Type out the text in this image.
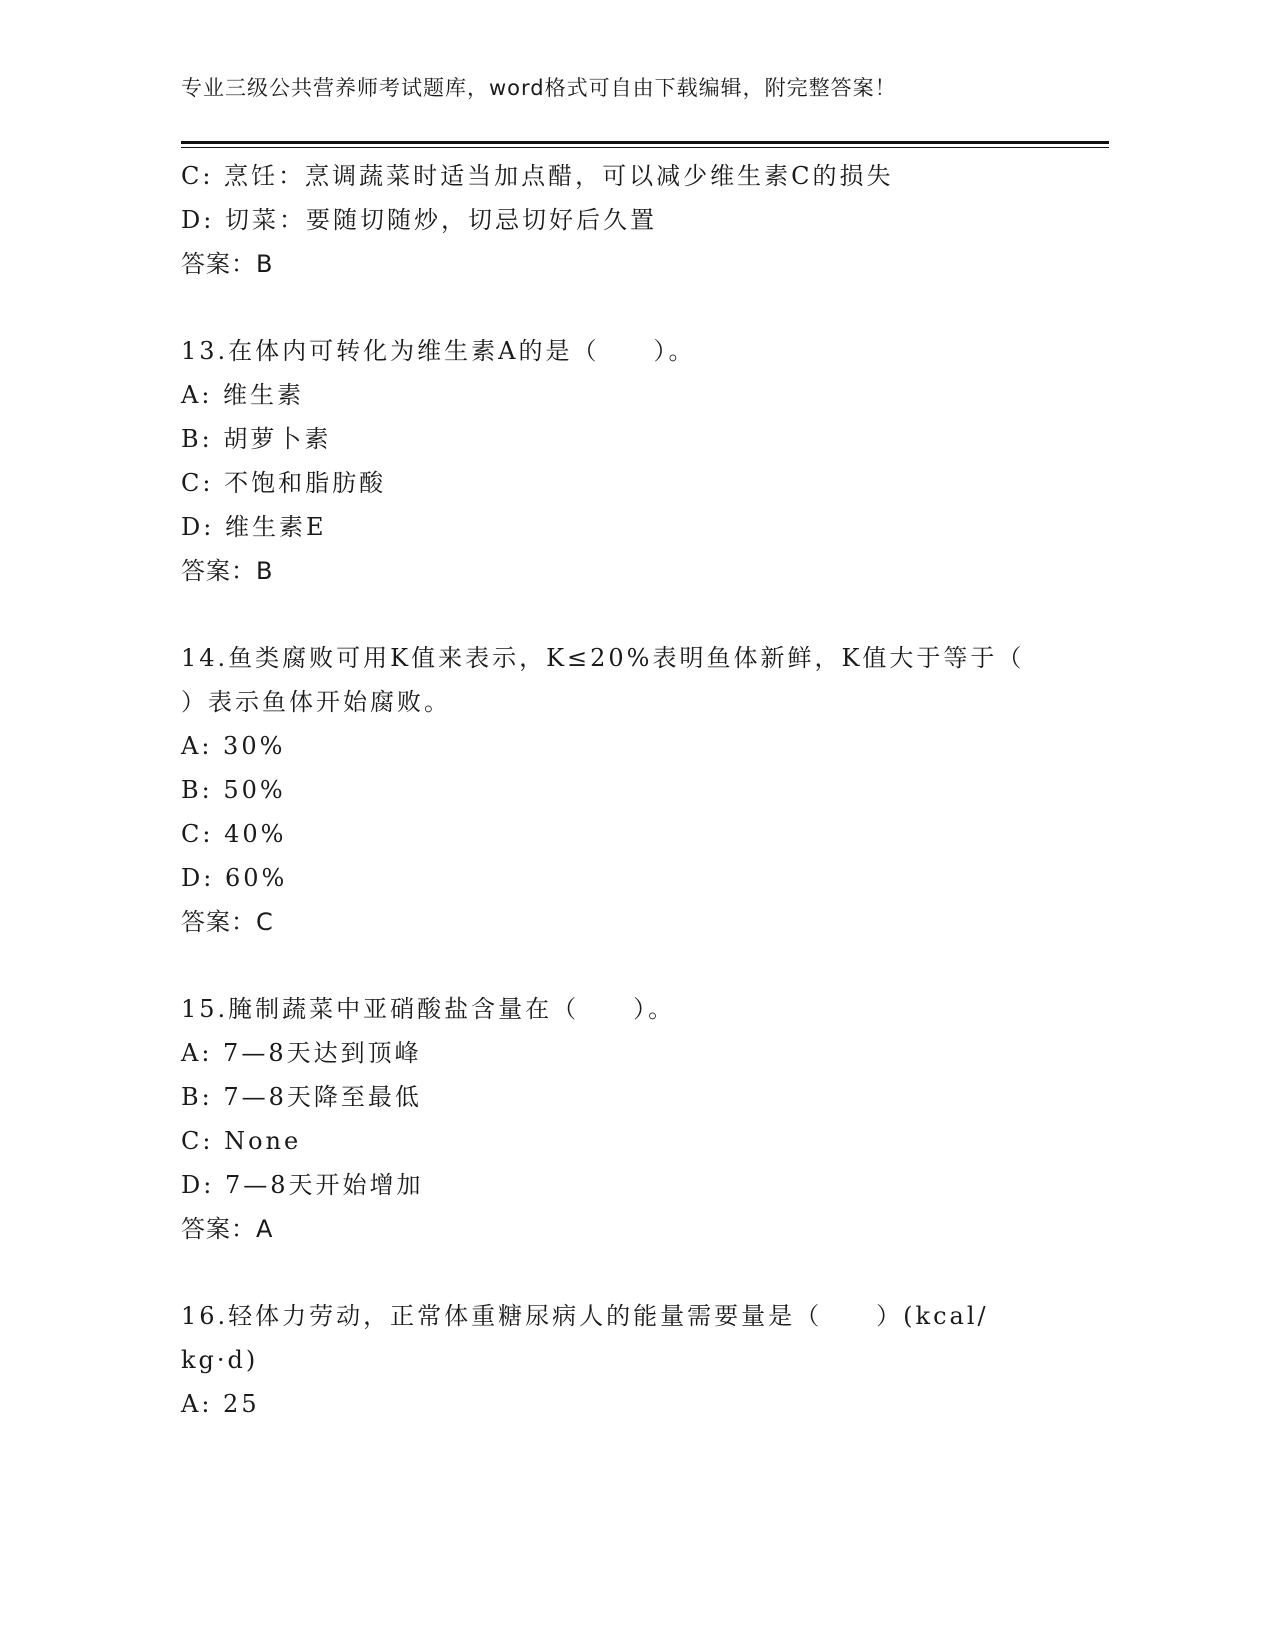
专业三级公共营养师考试题库，word格式可自由下载编辑，附完整答案！
C: 烹饪：烹调蔬菜时适当加点醋，可以减少维生素C的损失
D: 切菜：要随切随炒，切忌切好后久置
答案：B
13.在体内可转化为维生素A的是（　　）。
A: 维生素
B: 胡萝卜素
C: 不饱和脂肪酸
D: 维生素E
答案：B
14.鱼类腐败可用K值来表示，K≤20%表明鱼体新鲜，K值大于等于（
）表示鱼体开始腐败。
A: 30%
B: 50%
C: 40%
D: 60%
答案：C
15.腌制蔬菜中亚硝酸盐含量在（　　）。
A: 7—8天达到顶峰
B: 7—8天降至最低
C: None
D: 7—8天开始增加
答案：A
16.轻体力劳动，正常体重糖尿病人的能量需要量是（　　）(kcal/
kg·d)
A: 25
